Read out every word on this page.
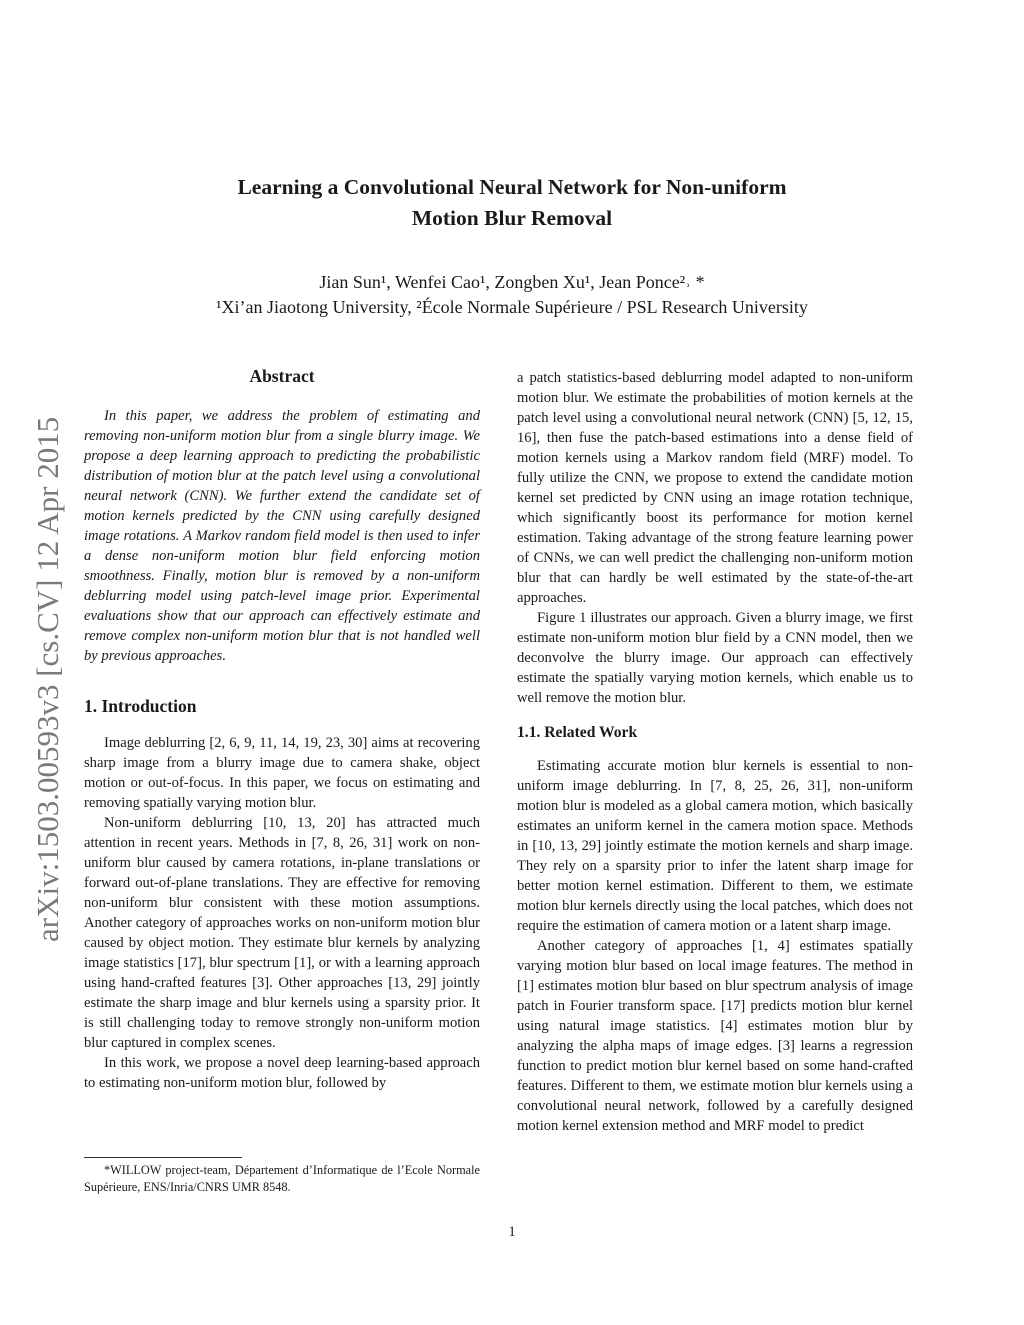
arXiv:1503.00593v3 [cs.CV] 12 Apr 2015
Learning a Convolutional Neural Network for Non-uniform
Motion Blur Removal
Jian Sun¹, Wenfei Cao¹, Zongben Xu¹, Jean Ponce²˒ *
¹Xi’an Jiaotong University, ²École Normale Supérieure / PSL Research University
Abstract

In this paper, we address the problem of estimating and removing non-uniform motion blur from a single blurry image. We propose a deep learning approach to predicting the probabilistic distribution of motion blur at the patch level using a convolutional neural network (CNN). We further extend the candidate set of motion kernels predicted by the CNN using carefully designed image rotations. A Markov random field model is then used to infer a dense non-uniform motion blur field enforcing motion smoothness. Finally, motion blur is removed by a non-uniform deblurring model using patch-level image prior. Experimental evaluations show that our approach can effectively estimate and remove complex non-uniform motion blur that is not handled well by previous approaches.

1. Introduction

Image deblurring [2, 6, 9, 11, 14, 19, 23, 30] aims at recovering sharp image from a blurry image due to camera shake, object motion or out-of-focus. In this paper, we focus on estimating and removing spatially varying motion blur.

Non-uniform deblurring [10, 13, 20] has attracted much attention in recent years. Methods in [7, 8, 26, 31] work on non-uniform blur caused by camera rotations, in-plane translations or forward out-of-plane translations. They are effective for removing non-uniform blur consistent with these motion assumptions. Another category of approaches works on non-uniform motion blur caused by object motion. They estimate blur kernels by analyzing image statistics [17], blur spectrum [1], or with a learning approach using hand-crafted features [3]. Other approaches [13, 29] jointly estimate the sharp image and blur kernels using a sparsity prior. It is still challenging today to remove strongly non-uniform motion blur captured in complex scenes.

In this work, we propose a novel deep learning-based approach to estimating non-uniform motion blur, followed by

a patch statistics-based deblurring model adapted to non-uniform motion blur. We estimate the probabilities of motion kernels at the patch level using a convolutional neural network (CNN) [5, 12, 15, 16], then fuse the patch-based estimations into a dense field of motion kernels using a Markov random field (MRF) model. To fully utilize the CNN, we propose to extend the candidate motion kernel set predicted by CNN using an image rotation technique, which significantly boost its performance for motion kernel estimation. Taking advantage of the strong feature learning power of CNNs, we can well predict the challenging non-uniform motion blur that can hardly be well estimated by the state-of-the-art approaches.

Figure 1 illustrates our approach. Given a blurry image, we first estimate non-uniform motion blur field by a CNN model, then we deconvolve the blurry image. Our approach can effectively estimate the spatially varying motion kernels, which enable us to well remove the motion blur.

1.1. Related Work

Estimating accurate motion blur kernels is essential to non-uniform image deblurring. In [7, 8, 25, 26, 31], non-uniform motion blur is modeled as a global camera motion, which basically estimates an uniform kernel in the camera motion space. Methods in [10, 13, 29] jointly estimate the motion kernels and sharp image. They rely on a sparsity prior to infer the latent sharp image for better motion kernel estimation. Different to them, we estimate motion blur kernels directly using the local patches, which does not require the estimation of camera motion or a latent sharp image.

Another category of approaches [1, 4] estimates spatially varying motion blur based on local image features. The method in [1] estimates motion blur based on blur spectrum analysis of image patch in Fourier transform space. [17] predicts motion blur kernel using natural image statistics. [4] estimates motion blur by analyzing the alpha maps of image edges. [3] learns a regression function to predict motion blur kernel based on some hand-crafted features. Different to them, we estimate motion blur kernels using a convolutional neural network, followed by a carefully designed motion kernel extension method and MRF model to predict

*WILLOW project-team, Département d’Informatique de l’Ecole Normale Supérieure, ENS/Inria/CNRS UMR 8548.
1
